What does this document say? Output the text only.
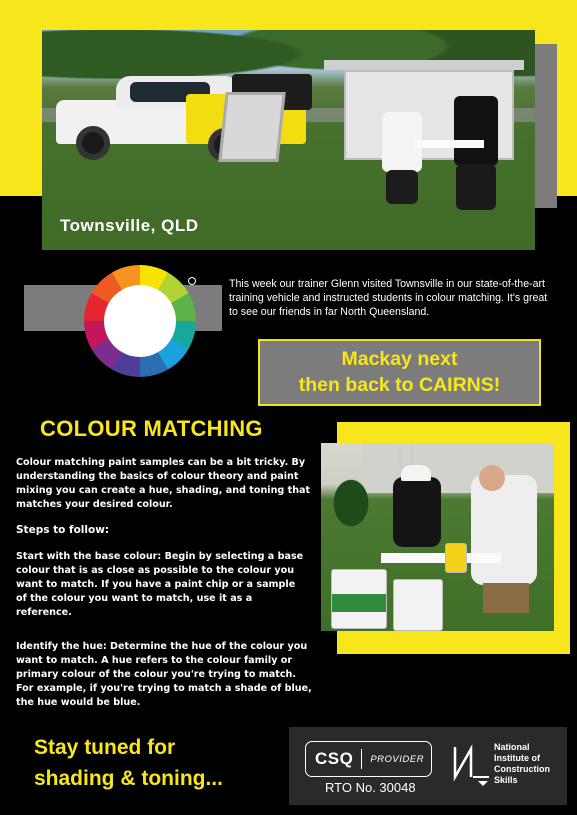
Townsville, QLD

This week our trainer Glenn visited Townsville in our state-of-the-art training vehicle and instructed students in colour matching. It's great to see our friends in far North Queensland.

Mackay next
then back to CAIRNS!
COLOUR MATCHING

Colour matching paint samples can be a bit tricky. By understanding the basics of colour theory and paint mixing you can create a hue, shading, and toning that matches your desired colour.

Steps to follow:

Start with the base colour: Begin by selecting a base colour that is as close as possible to the colour you want to match. If you have a paint chip or a sample of the colour you want to match, use it as a reference.

Identify the hue: Determine the hue of the colour you want to match. A hue refers to the colour family or primary colour of the colour you're trying to match. For example, if you're trying to match a shade of blue, the hue would be blue.

Stay tuned for
shading & toning...
CSQ PROVIDER
RTO No. 30048
National
Institute of
Construction
Skills
